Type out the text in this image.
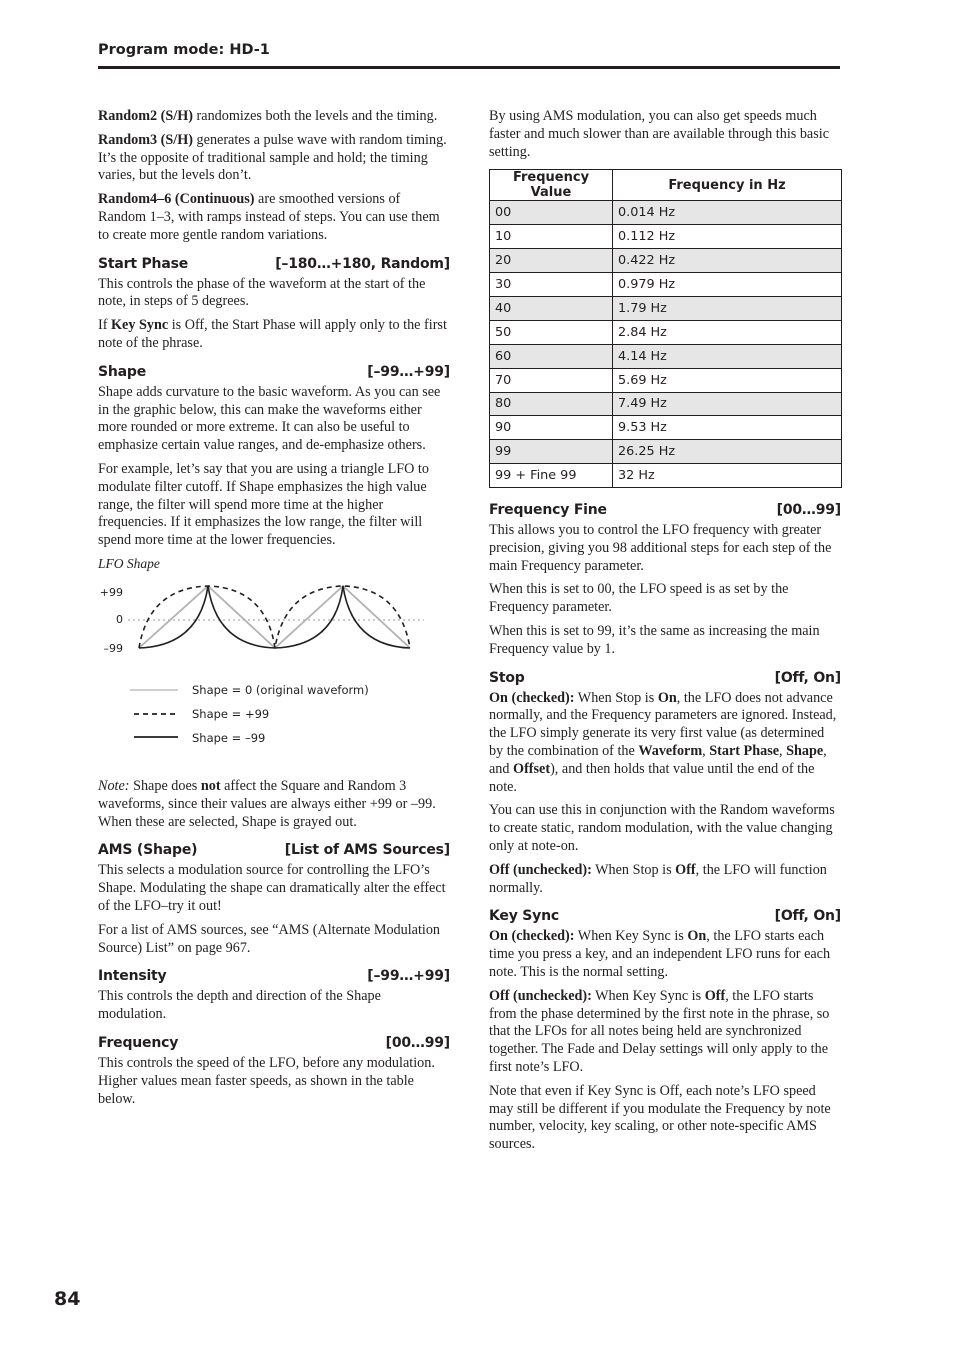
Program mode: HD-1

Random2 (S/H) randomizes both the levels and the timing.

Random3 (S/H) generates a pulse wave with random timing. It’s the opposite of traditional sample and hold; the timing varies, but the levels don’t.

Random4–6 (Continuous) are smoothed versions of Random 1–3, with ramps instead of steps. You can use them to create more gentle random variations.

Start Phase	[–180…+180, Random]

This controls the phase of the waveform at the start of the note, in steps of 5 degrees.

If Key Sync is Off, the Start Phase will apply only to the first note of the phrase.

Shape	[–99…+99]

Shape adds curvature to the basic waveform. As you can see in the graphic below, this can make the waveforms either more rounded or more extreme. It can also be useful to emphasize certain value ranges, and de-emphasize others.

For example, let’s say that you are using a triangle LFO to modulate filter cutoff. If Shape emphasizes the high value range, the filter will spend more time at the higher frequencies. If it emphasizes the low range, the filter will spend more time at the lower frequencies.

LFO Shape
+99
0
–99
Shape = 0 (original waveform)
Shape = +99
Shape = –99

Note: Shape does not affect the Square and Random 3 waveforms, since their values are always either +99 or –99. When these are selected, Shape is grayed out.

AMS (Shape)	[List of AMS Sources]

This selects a modulation source for controlling the LFO’s Shape. Modulating the shape can dramatically alter the effect of the LFO–try it out!

For a list of AMS sources, see “AMS (Alternate Modulation Source) List” on page 967.

Intensity	[–99…+99]

This controls the depth and direction of the Shape modulation.

Frequency	[00…99]

This controls the speed of the LFO, before any modulation. Higher values mean faster speeds, as shown in the table below.

By using AMS modulation, you can also get speeds much faster and much slower than are available through this basic setting.

Frequency Value	Frequency in Hz
00	0.014 Hz
10	0.112 Hz
20	0.422 Hz
30	0.979 Hz
40	1.79 Hz
50	2.84 Hz
60	4.14 Hz
70	5.69 Hz
80	7.49 Hz
90	9.53 Hz
99	26.25 Hz
99 + Fine 99	32 Hz
Frequency Fine	[00…99]

This allows you to control the LFO frequency with greater precision, giving you 98 additional steps for each step of the main Frequency parameter.

When this is set to 00, the LFO speed is as set by the Frequency parameter.

When this is set to 99, it’s the same as increasing the main Frequency value by 1.

Stop	[Off, On]

On (checked): When Stop is On, the LFO does not advance normally, and the Frequency parameters are ignored. Instead, the LFO simply generate its very first value (as determined by the combination of the Waveform, Start Phase, Shape, and Offset), and then holds that value until the end of the note.

You can use this in conjunction with the Random waveforms to create static, random modulation, with the value changing only at note-on.

Off (unchecked): When Stop is Off, the LFO will function normally.

Key Sync	[Off, On]

On (checked): When Key Sync is On, the LFO starts each time you press a key, and an independent LFO runs for each note. This is the normal setting.

Off (unchecked): When Key Sync is Off, the LFO starts from the phase determined by the first note in the phrase, so that the LFOs for all notes being held are synchronized together. The Fade and Delay settings will only apply to the first note’s LFO.

Note that even if Key Sync is Off, each note’s LFO speed may still be different if you modulate the Frequency by note number, velocity, key scaling, or other note-specific AMS sources.

84
